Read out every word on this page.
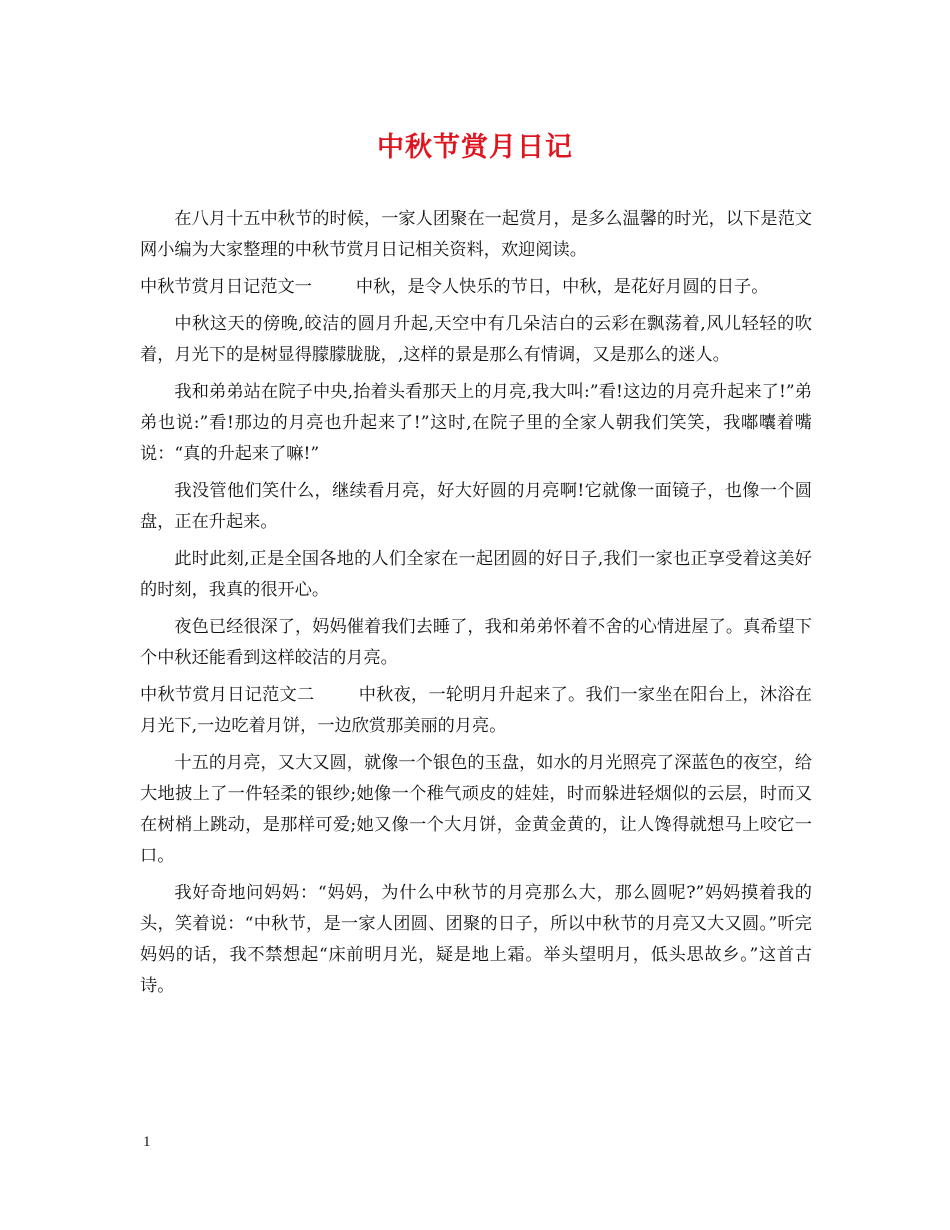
中秋节赏月日记

在八月十五中秋节的时候，一家人团聚在一起赏月，是多么温馨的时光，以下是范文网小编为大家整理的中秋节赏月日记相关资料，欢迎阅读。

中秋节赏月日记范文一	中秋，是令人快乐的节日，中秋，是花好月圆的日子。

中秋这天的傍晚,皎洁的圆月升起,天空中有几朵洁白的云彩在飘荡着,风儿轻轻的吹着，月光下的是树显得朦朦胧胧，,这样的景是那么有情调，又是那么的迷人。

我和弟弟站在院子中央,抬着头看那天上的月亮,我大叫:”看!这边的月亮升起来了!”弟弟也说:”看!那边的月亮也升起来了!”这时,在院子里的全家人朝我们笑笑，我嘟囔着嘴说：“真的升起来了嘛!”

我没管他们笑什么，继续看月亮，好大好圆的月亮啊!它就像一面镜子，也像一个圆盘，正在升起来。

此时此刻,正是全国各地的人们全家在一起团圆的好日子,我们一家也正享受着这美好的时刻，我真的很开心。

夜色已经很深了，妈妈催着我们去睡了，我和弟弟怀着不舍的心情进屋了。真希望下个中秋还能看到这样皎洁的月亮。

中秋节赏月日记范文二	中秋夜，一轮明月升起来了。我们一家坐在阳台上，沐浴在月光下,一边吃着月饼，一边欣赏那美丽的月亮。

十五的月亮，又大又圆，就像一个银色的玉盘，如水的月光照亮了深蓝色的夜空，给大地披上了一件轻柔的银纱;她像一个稚气顽皮的娃娃，时而躲进轻烟似的云层，时而又在树梢上跳动，是那样可爱;她又像一个大月饼，金黄金黄的，让人馋得就想马上咬它一口。

我好奇地问妈妈：“妈妈，为什么中秋节的月亮那么大，那么圆呢?”妈妈摸着我的头，笑着说：“中秋节，是一家人团圆、团聚的日子，所以中秋节的月亮又大又圆。”听完妈妈的话，我不禁想起“床前明月光，疑是地上霜。举头望明月，低头思故乡。”这首古诗。

1
